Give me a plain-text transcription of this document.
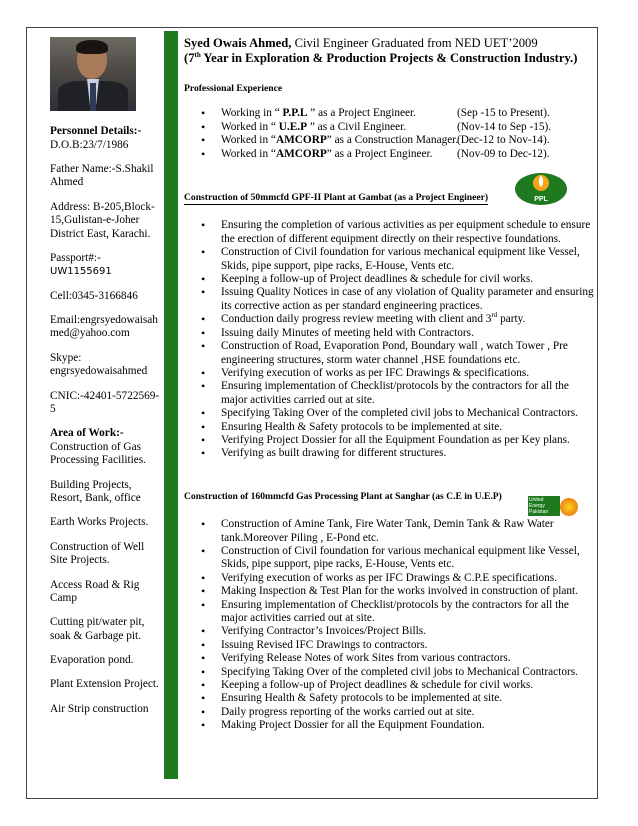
Personnel Details:-

D.O.B:23/7/1986

Father Name:-S.Shakil Ahmed

Address: B-205,Block-15,Gulistan-e-Joher District East, Karachi.

Passport#:-
UW1155691

Cell:0345-3166846

Email:engrsyedowaisahmed@yahoo.com

Skype:
engrsyedowaisahmed

CNIC:-42401-5722569-5

Area of Work:-

Construction of Gas Processing Facilities.

Building Projects, Resort, Bank, office

Earth Works Projects.

Construction of Well Site Projects.

Access Road & Rig Camp

Cutting pit/water pit, soak & Garbage pit.

Evaporation pond.

Plant Extension Project.

Air Strip construction

Syed Owais Ahmed, Civil Engineer Graduated from NED UET’2009
(7th Year in Exploration & Production Projects & Construction Industry.)

Professional Experience

• Working in “ P.P.L ” as a Project Engineer.	(Sep -15 to Present).
• Worked in “ U.E.P ” as a Civil Engineer.	(Nov-14 to Sep -15).
• Worked in “AMCORP” as a Construction Manager.
(Dec-12 to Nov-14).
• Worked in “AMCORP” as a Project Engineer.	(Nov-09 to Dec-12).

Construction of 50mmcfd GPF-II Plant at Gambat (as a Project Engineer)

• Ensuring the completion of various activities as per equipment schedule to ensure the erection of different equipment directly on their respective foundations.
• Construction of Civil foundation for various mechanical equipment like Vessel, Skids, pipe support, pipe racks, E-House, Vents etc.
• Keeping a follow-up of Project deadlines & schedule for civil works.
• Issuing Quality Notices in case of any violation of Quality parameter and ensuring its corrective action as per standard engineering practices.
• Conduction daily progress review meeting with client and 3rd party.
• Issuing daily Minutes of meeting held with Contractors.
• Construction of Road, Evaporation Pond, Boundary wall , watch Tower , Pre engineering structures, storm water channel ,HSE foundations etc.
• Verifying execution of works as per IFC Drawings & specifications.
• Ensuring implementation of Checklist/protocols by the contractors for all the major activities carried out at site.
• Specifying Taking Over of the completed civil jobs to Mechanical Contractors.
• Ensuring Health & Safety protocols to be implemented at site.
• Verifying Project Dossier for all the Equipment Foundation as per Key plans.
• Verifying as built drawing for different structures.

Construction of 160mmcfd Gas Processing Plant at Sanghar (as C.E in U.E.P)

• Construction of Amine Tank, Fire Water Tank, Demin Tank & Raw Water tank.Moreover Piling , E-Pond etc.
• Construction of Civil foundation for various mechanical equipment like Vessel, Skids, pipe support, pipe racks, E-House, Vents etc.
• Verifying execution of works as per IFC Drawings & C.P.E specifications.
• Making Inspection & Test Plan for the works involved in construction of plant.
• Ensuring implementation of Checklist/protocols by the contractors for all the major activities carried out at site.
• Verifying Contractor’s Invoices/Project Bills.
• Issuing Revised IFC Drawings to contractors.
• Verifying Release Notes of work Sites from various contractors.
• Specifying Taking Over of the completed civil jobs to Mechanical Contractors.
• Keeping a follow-up of Project deadlines & schedule for civil works.
• Ensuring Health & Safety protocols to be implemented at site.
• Daily progress reporting of the works carried out at site.
• Making Project Dossier for all the Equipment Foundation.
PPL
United Energy Pakistan
